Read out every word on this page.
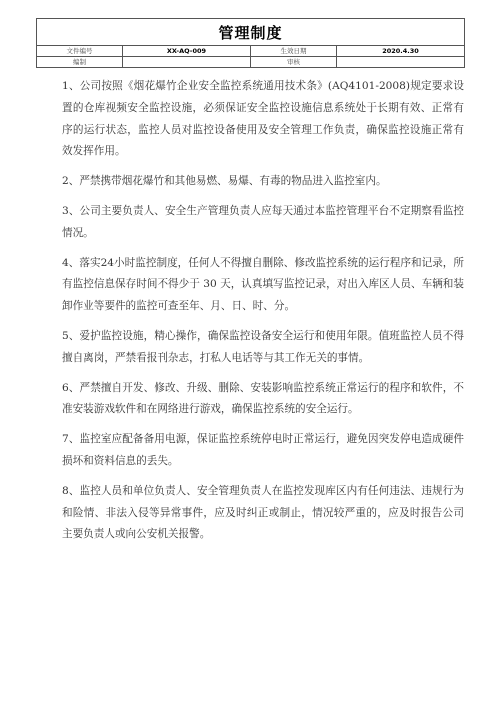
管理制度			
文件编号	XX-AQ-009	生效日期	2020.4.30
编制		审核	

1、公司按照《烟花爆竹企业安全监控系统通用技术条》(AQ4101-2008)规定要求设置的仓库视频安全监控设施，必须保证安全监控设施信息系统处于长期有效、正常有序的运行状态，监控人员对监控设备使用及安全管理工作负责，确保监控设施正常有效发挥作用。

2、严禁携带烟花爆竹和其他易燃、易爆、有毒的物品进入监控室内。

3、公司主要负责人、安全生产管理负责人应每天通过本监控管理平台不定期察看监控情况。

4、落实24小时监控制度，任何人不得擅自删除、修改监控系统的运行程序和记录，所有监控信息保存时间不得少于 30 天，认真填写监控记录，对出入库区人员、车辆和装卸作业等要件的监控可查至年、月、日、时、分。

5、爱护监控设施，精心操作，确保监控设备安全运行和使用年限。值班监控人员不得擅自离岗，严禁看报刊杂志，打私人电话等与其工作无关的事情。

6、严禁擅自开发、修改、升级、删除、安装影响监控系统正常运行的程序和软件，不准安装游戏软件和在网络进行游戏，确保监控系统的安全运行。

7、监控室应配备备用电源，保证监控系统停电时正常运行，避免因突发停电造成硬件损坏和资料信息的丢失。

8、监控人员和单位负责人、安全管理负责人在监控发现库区内有任何违法、违规行为和险情、非法入侵等异常事件，应及时纠正或制止，情况较严重的，应及时报告公司主要负责人或向公安机关报警。
